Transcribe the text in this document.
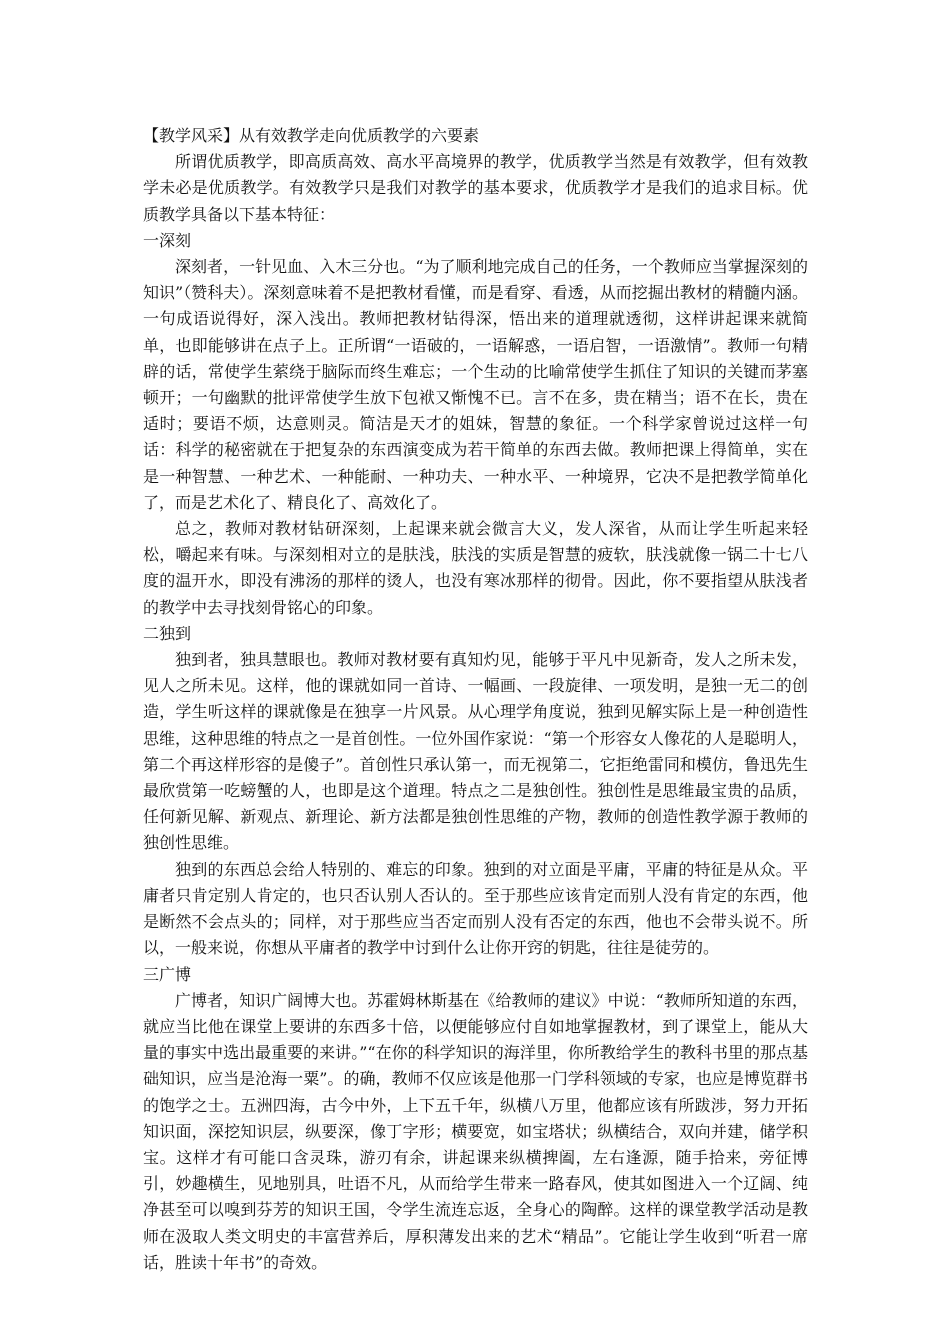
【教学风采】从有效教学走向优质教学的六要素

所谓优质教学，即高质高效、高水平高境界的教学，优质教学当然是有效教学，但有效教学未必是优质教学。有效教学只是我们对教学的基本要求，优质教学才是我们的追求目标。优质教学具备以下基本特征：

一深刻

深刻者，一针见血、入木三分也。“为了顺利地完成自己的任务，一个教师应当掌握深刻的知识”（赞科夫）。深刻意味着不是把教材看懂，而是看穿、看透，从而挖掘出教材的精髓内涵。一句成语说得好，深入浅出。教师把教材钻得深，悟出来的道理就透彻，这样讲起课来就简单，也即能够讲在点子上。正所谓“一语破的，一语解惑，一语启智，一语激情”。教师一句精辟的话，常使学生萦绕于脑际而终生难忘；一个生动的比喻常使学生抓住了知识的关键而茅塞顿开；一句幽默的批评常使学生放下包袱又惭愧不已。言不在多，贵在精当；语不在长，贵在适时；要语不烦，达意则灵。简洁是天才的姐妹，智慧的象征。一个科学家曾说过这样一句话：科学的秘密就在于把复杂的东西演变成为若干简单的东西去做。教师把课上得简单，实在是一种智慧、一种艺术、一种能耐、一种功夫、一种水平、一种境界，它决不是把教学简单化了，而是艺术化了、精良化了、高效化了。

总之，教师对教材钻研深刻，上起课来就会微言大义，发人深省，从而让学生听起来轻松，嚼起来有味。与深刻相对立的是肤浅，肤浅的实质是智慧的疲软，肤浅就像一锅二十七八度的温开水，即没有沸汤的那样的烫人，也没有寒冰那样的彻骨。因此，你不要指望从肤浅者的教学中去寻找刻骨铭心的印象。

二独到

独到者，独具慧眼也。教师对教材要有真知灼见，能够于平凡中见新奇，发人之所未发，见人之所未见。这样，他的课就如同一首诗、一幅画、一段旋律、一项发明，是独一无二的创造，学生听这样的课就像是在独享一片风景。从心理学角度说，独到见解实际上是一种创造性思维，这种思维的特点之一是首创性。一位外国作家说：“第一个形容女人像花的人是聪明人，第二个再这样形容的是傻子”。首创性只承认第一，而无视第二，它拒绝雷同和模仿，鲁迅先生最欣赏第一吃螃蟹的人，也即是这个道理。特点之二是独创性。独创性是思维最宝贵的品质，任何新见解、新观点、新理论、新方法都是独创性思维的产物，教师的创造性教学源于教师的独创性思维。

独到的东西总会给人特别的、难忘的印象。独到的对立面是平庸，平庸的特征是从众。平庸者只肯定别人肯定的，也只否认别人否认的。至于那些应该肯定而别人没有肯定的东西，他是断然不会点头的；同样，对于那些应当否定而别人没有否定的东西，他也不会带头说不。所以，一般来说，你想从平庸者的教学中讨到什么让你开窍的钥匙，往往是徒劳的。

三广博

广博者，知识广阔博大也。苏霍姆林斯基在《给教师的建议》中说：“教师所知道的东西，就应当比他在课堂上要讲的东西多十倍，以便能够应付自如地掌握教材，到了课堂上，能从大量的事实中选出最重要的来讲。”“在你的科学知识的海洋里，你所教给学生的教科书里的那点基础知识，应当是沧海一粟”。的确，教师不仅应该是他那一门学科领域的专家，也应是博览群书的饱学之士。五洲四海，古今中外，上下五千年，纵横八万里，他都应该有所跋涉，努力开拓知识面，深挖知识层，纵要深，像丁字形；横要宽，如宝塔状；纵横结合，双向并建，储学积宝。这样才有可能口含灵珠，游刃有余，讲起课来纵横捭阖，左右逢源，随手拾来，旁征博引，妙趣横生，见地别具，吐语不凡，从而给学生带来一路春风，使其如图进入一个辽阔、纯净甚至可以嗅到芬芳的知识王国，令学生流连忘返，全身心的陶醉。这样的课堂教学活动是教师在汲取人类文明史的丰富营养后，厚积薄发出来的艺术“精品”。它能让学生收到“听君一席话，胜读十年书”的奇效。
